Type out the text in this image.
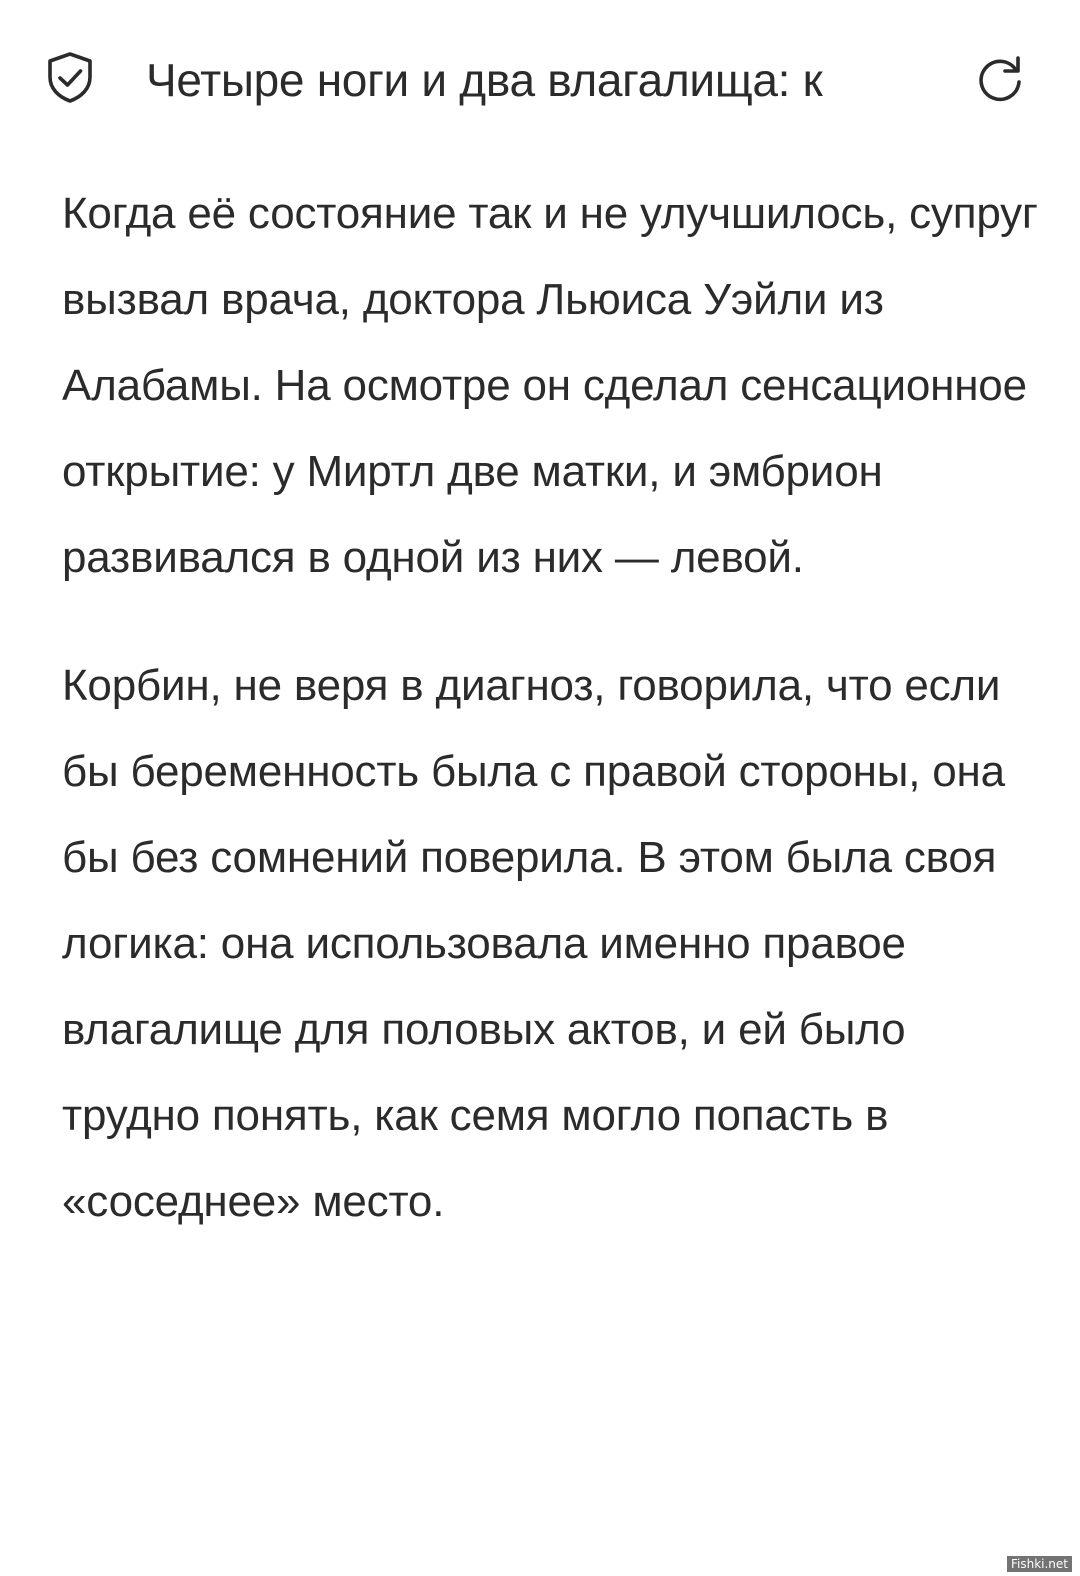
Четыре ноги и два влагалища: к

Когда её состояние так и не улучшилось, супруг вызвал врача, доктора Льюиса Уэйли из Алабамы. На осмотре он сделал сенсационное открытие: у Миртл две матки, и эмбрион развивался в одной из них — левой.

Корбин, не веря в диагноз, говорила, что если бы беременность была с правой стороны, она бы без сомнений поверила. В этом была своя логика: она использовала именно правое влагалище для половых актов, и ей было трудно понять, как семя могло попасть в «соседнее» место.

Fishki.net
